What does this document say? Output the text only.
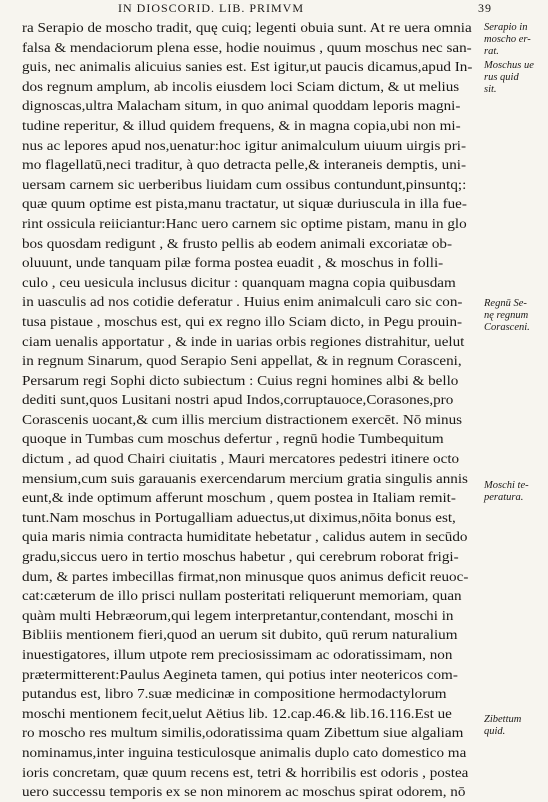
IN DIOSCORID. LIB. PRIMVM	39
ra Serapio de moscho tradit, quę cuiq; legenti obuia sunt. At re uera omnia
falsa & mendaciorum plena esse, hodie nouimus , quum moschus nec san-
guis, nec animalis alicuius sanies est. Est igitur,ut paucis dicamus,apud In-
dos regnum amplum, ab incolis eiusdem loci Sciam dictum, & ut melius
dignoscas,ultra Malacham situm, in quo animal quoddam leporis magni-
tudine reperitur, & illud quidem frequens, & in magna copia,ubi non mi-
nus ac lepores apud nos,uenatur:hoc igitur animalculum uiuum uirgis pri-
mo flagellatū,neci traditur, à quo detracta pelle,& interaneis demptis, uni-
uersam carnem sic uerberibus liuidam cum ossibus contundunt,pinsuntq;:
quæ quum optime est pista,manu tractatur, ut siquæ duriuscula in illa fue-
rint ossicula reiiciantur:Hanc uero carnem sic optime pistam, manu in glo
bos quosdam redigunt , & frusto pellis ab eodem animali excoriatæ ob-
oluuunt, unde tanquam pilæ forma postea euadit , & moschus in folli-
culo , ceu uesicula inclusus dicitur : quanquam magna copia quibusdam
in uasculis ad nos cotidie deferatur . Huius enim animalculi caro sic con-
tusa pistaue , moschus est, qui ex regno illo Sciam dicto, in Pegu prouin-
ciam uenalis apportatur , & inde in uarias orbis regiones distrahitur, uelut
in regnum Sinarum, quod Serapio Seni appellat, & in regnum Corasceni,
Persarum regi Sophi dicto subiectum : Cuius regni homines albi & bello
dediti sunt,quos Lusitani nostri apud Indos,corruptauoce,Corasones,pro
Corascenis uocant,& cum illis mercium distractionem exercēt. Nō minus
quoque in Tumbas cum moschus defertur , regnū hodie Tumbequitum
dictum , ad quod Chairi ciuitatis , Mauri mercatores pedestri itinere octo
mensium,cum suis garauanis exercendarum mercium gratia singulis annis
eunt,& inde optimum afferunt moschum , quem postea in Italiam remit-
tunt.Nam moschus in Portugalliam aduectus,ut diximus,nōita bonus est,
quia maris nimia contracta humiditate hebetatur , calidus autem in secūdo
gradu,siccus uero in tertio moschus habetur , qui cerebrum roborat frigi-
dum, & partes imbecillas firmat,non minusque quos animus deficit reuoc-
cat:cæterum de illo prisci nullam posteritati reliquerunt memoriam, quan
quàm multi Hebræorum,qui legem interpretantur,contendant, moschi in
Bibliis mentionem fieri,quod an uerum sit dubito, quū rerum naturalium
inuestigatores, illum utpote rem preciosissimam ac odoratissimam, non
prætermitterent:Paulus Aegineta tamen, qui potius inter neotericos com-
putandus est, libro 7.suæ medicinæ in compositione hermodactylorum
moschi mentionem fecit,uelut Aëtius lib. 12.cap.46.& lib.16.116.Est ue
ro moscho res multum similis,odoratissima quam Zibettum siue algaliam
nominamus,inter inguina testiculosque animalis duplo cato domestico ma
ioris concretam, quæ quum recens est, tetri & horribilis est odoris , postea
uero successu temporis ex se non minorem ac moschus spirat odorem, nō
Serapio in
moscho er-
rat.
Moschus ue
rus quid
sit.
Regnū Se-
nę regnum
Corasceni.
Moschi te-
peratura.
Zibettum
quid.
